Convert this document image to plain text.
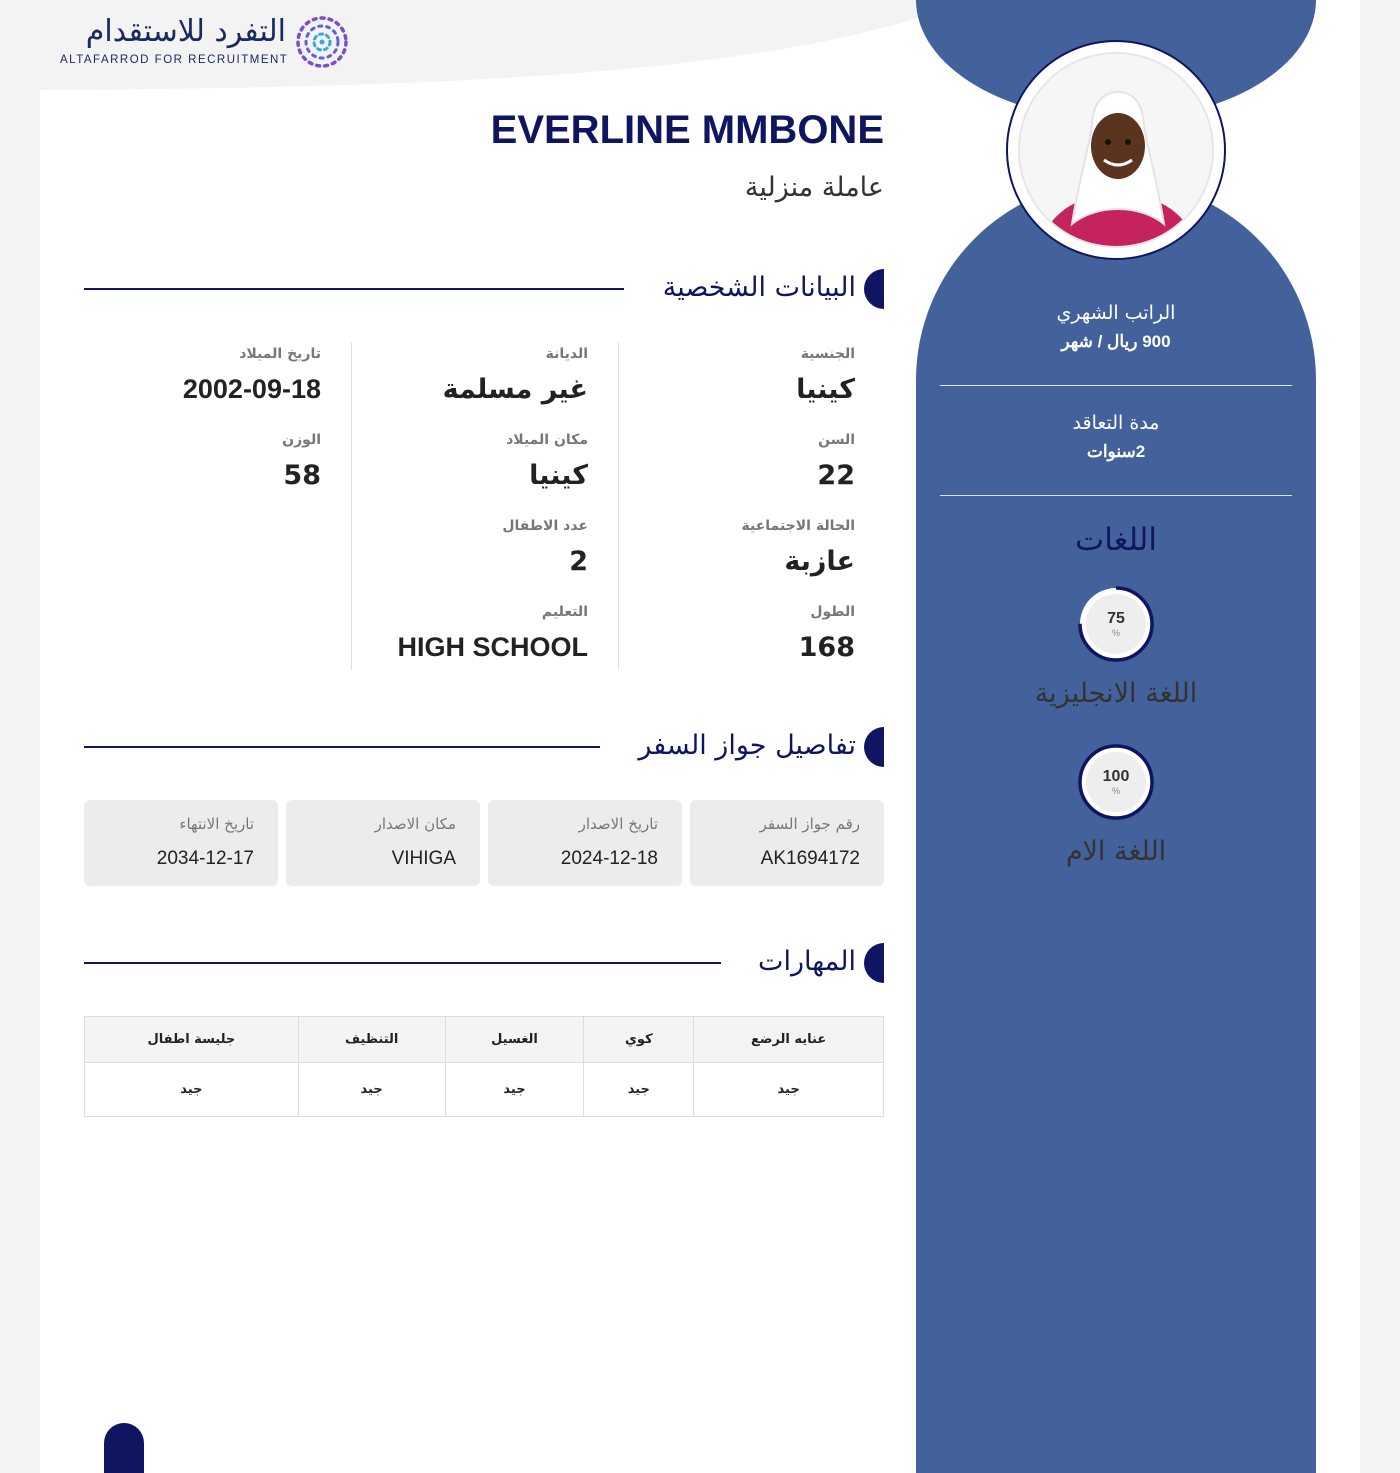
التفرد للاستقدام
ALTAFARROD FOR RECRUITMENT
الراتب الشهري
900 ريال / شهر
مدة التعاقد
2سنوات
اللغات
75
%
اللغة الانجليزية
100
%
اللغة الام
EVERLINE MMBONE
عاملة منزلية
البيانات الشخصية
الجنسية
كينيا
السن
22
الحالة الاجتماعية
عازبة
الطول
168
الديانة
غير مسلمة
مكان الميلاد
كينيا
عدد الاطفال
2
التعليم
HIGH SCHOOL
تاريخ الميلاد
2002-09-18
الوزن
58
تفاصيل جواز السفر
رقم جواز السفر
AK1694172
تاريخ الاصدار
2024-12-18
مكان الاصدار
VIHIGA
تاريخ الانتهاء
2034-12-17
المهارات
عنايه الرضع	كوي	الغسيل	التنظيف	جليسة اطفال
جيد	جيد	جيد	جيد	جيد
